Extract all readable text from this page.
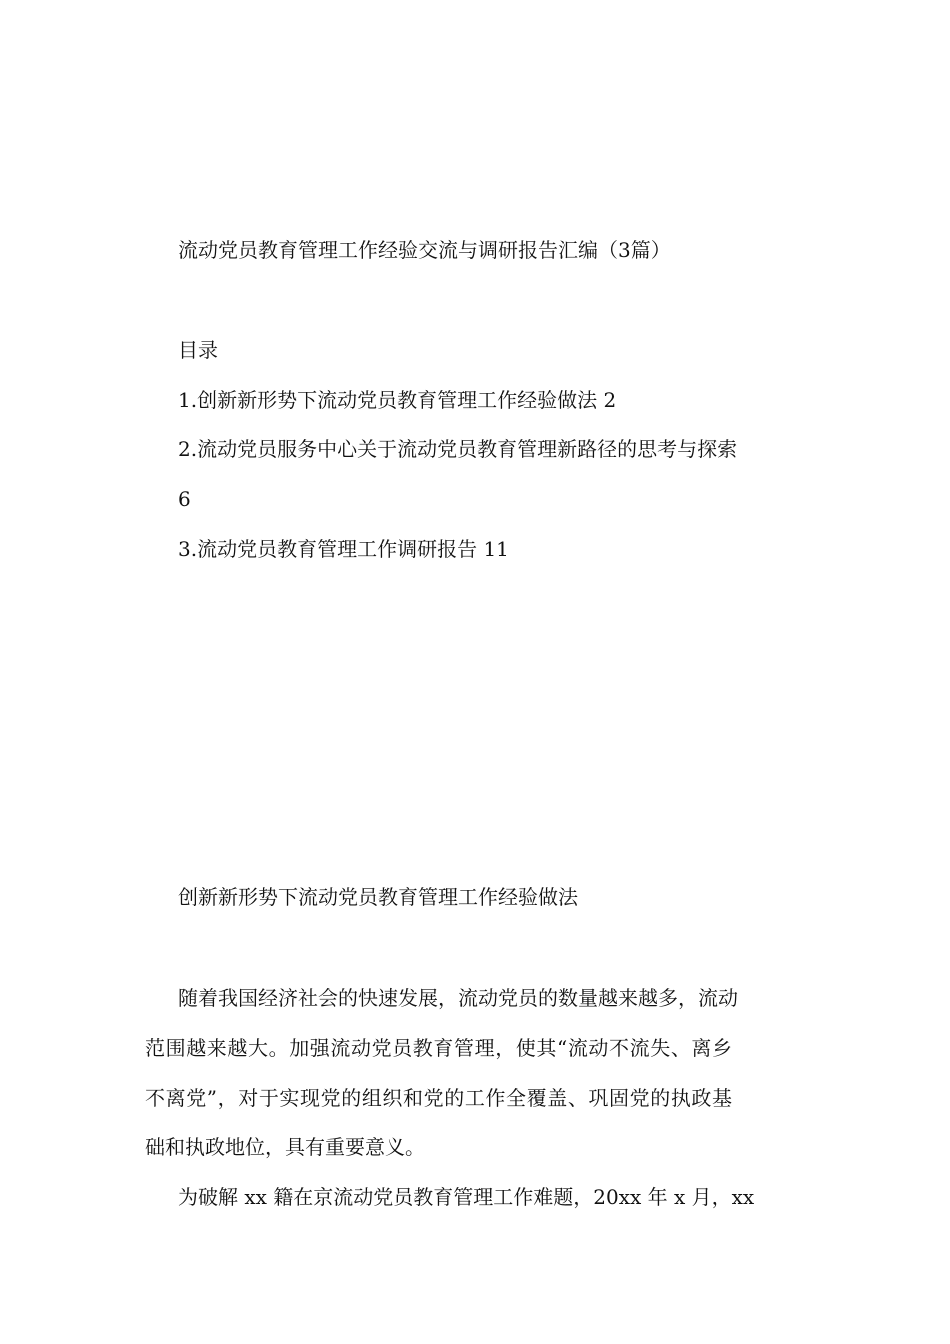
流动党员教育管理工作经验交流与调研报告汇编（3篇）
目录
1.创新新形势下流动党员教育管理工作经验做法 2
2.流动党员服务中心关于流动党员教育管理新路径的思考与探索
6
3.流动党员教育管理工作调研报告 11
创新新形势下流动党员教育管理工作经验做法
随着我国经济社会的快速发展，流动党员的数量越来越多，流动
范围越来越大。加强流动党员教育管理，使其“流动不流失、离乡
不离党”，对于实现党的组织和党的工作全覆盖、巩固党的执政基
础和执政地位，具有重要意义。
为破解 xx 籍在京流动党员教育管理工作难题，20xx 年 x 月，xx
